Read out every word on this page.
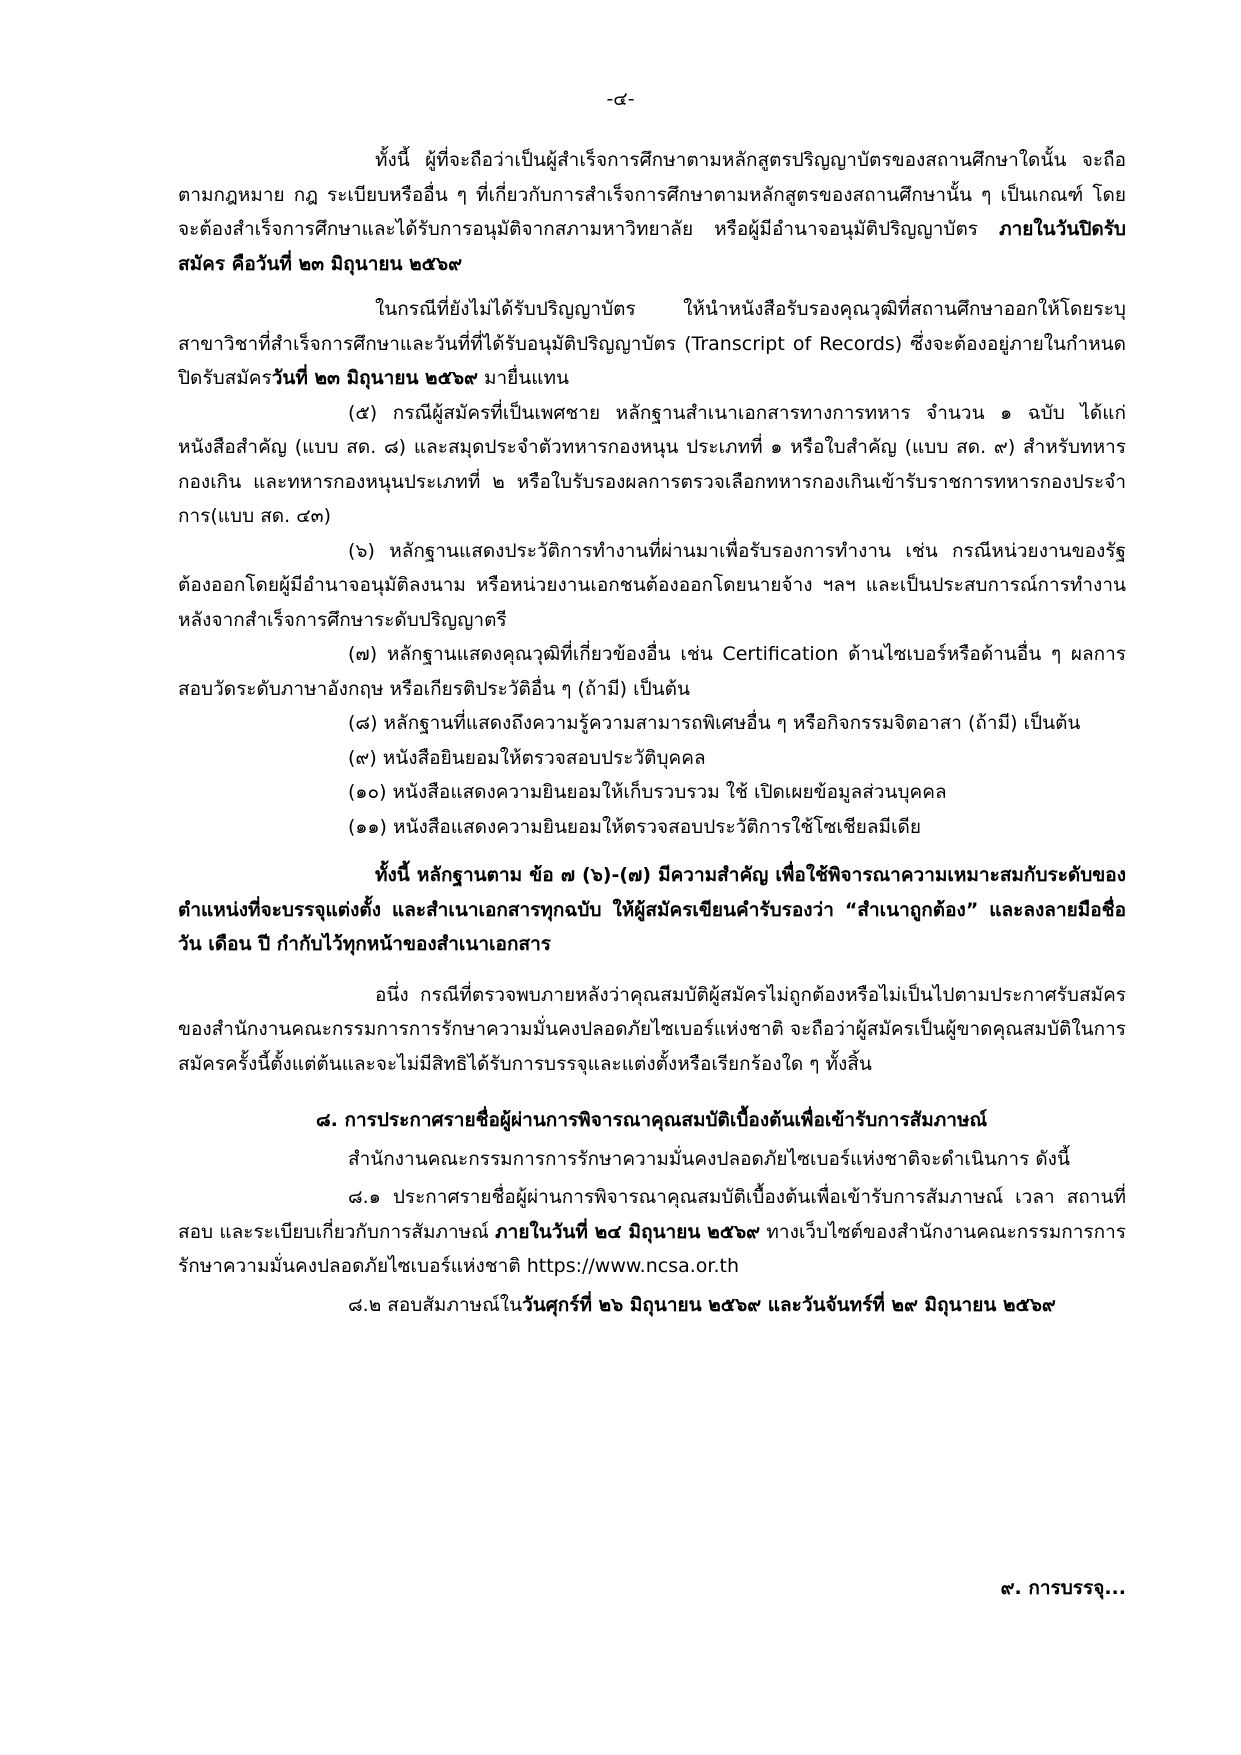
-๔-

ทั้งนี้ ผู้ที่จะถือว่าเป็นผู้สำเร็จการศึกษาตามหลักสูตรปริญญาบัตรของสถานศึกษาใดนั้น จะถือตามกฎหมาย กฎ ระเบียบหรืออื่น ๆ ที่เกี่ยวกับการสำเร็จการศึกษาตามหลักสูตรของสถานศึกษานั้น ๆ เป็นเกณฑ์ โดยจะต้องสำเร็จการศึกษาและได้รับการอนุมัติจากสภามหาวิทยาลัย หรือผู้มีอำนาจอนุมัติปริญญาบัตร ภายในวันปิดรับสมัคร คือวันที่ ๒๓ มิถุนายน ๒๕๖๙

ในกรณีที่ยังไม่ได้รับปริญญาบัตร ให้นำหนังสือรับรองคุณวุฒิที่สถานศึกษาออกให้โดยระบุสาขาวิชาที่สำเร็จการศึกษาและวันที่ที่ได้รับอนุมัติปริญญาบัตร (Transcript of Records) ซึ่งจะต้องอยู่ภายในกำหนดปิดรับสมัครวันที่ ๒๓ มิถุนายน ๒๕๖๙ มายื่นแทน

(๕) กรณีผู้สมัครที่เป็นเพศชาย หลักฐานสำเนาเอกสารทางการทหาร จำนวน ๑ ฉบับ ได้แก่ หนังสือสำคัญ (แบบ สด. ๘) และสมุดประจำตัวทหารกองหนุน ประเภทที่ ๑ หรือใบสำคัญ (แบบ สด. ๙) สำหรับทหารกองเกิน และทหารกองหนุนประเภทที่ ๒ หรือใบรับรองผลการตรวจเลือกทหารกองเกินเข้ารับราชการทหารกองประจำการ(แบบ สด. ๔๓)

(๖) หลักฐานแสดงประวัติการทำงานที่ผ่านมาเพื่อรับรองการทำงาน เช่น กรณีหน่วยงานของรัฐต้องออกโดยผู้มีอำนาจอนุมัติลงนาม หรือหน่วยงานเอกชนต้องออกโดยนายจ้าง ฯลฯ และเป็นประสบการณ์การทำงานหลังจากสำเร็จการศึกษาระดับปริญญาตรี

(๗) หลักฐานแสดงคุณวุฒิที่เกี่ยวข้องอื่น เช่น Certification ด้านไซเบอร์หรือด้านอื่น ๆ ผลการสอบวัดระดับภาษาอังกฤษ หรือเกียรติประวัติอื่น ๆ (ถ้ามี) เป็นต้น

(๘) หลักฐานที่แสดงถึงความรู้ความสามารถพิเศษอื่น ๆ หรือกิจกรรมจิตอาสา (ถ้ามี) เป็นต้น

(๙) หนังสือยินยอมให้ตรวจสอบประวัติบุคคล

(๑๐) หนังสือแสดงความยินยอมให้เก็บรวบรวม ใช้ เปิดเผยข้อมูลส่วนบุคคล

(๑๑) หนังสือแสดงความยินยอมให้ตรวจสอบประวัติการใช้โซเชียลมีเดีย

ทั้งนี้ หลักฐานตาม ข้อ ๗ (๖)-(๗) มีความสำคัญ เพื่อใช้พิจารณาความเหมาะสมกับระดับของตำแหน่งที่จะบรรจุแต่งตั้ง และสำเนาเอกสารทุกฉบับ ให้ผู้สมัครเขียนคำรับรองว่า “สำเนาถูกต้อง” และลงลายมือชื่อ วัน เดือน ปี กำกับไว้ทุกหน้าของสำเนาเอกสาร

อนึ่ง กรณีที่ตรวจพบภายหลังว่าคุณสมบัติผู้สมัครไม่ถูกต้องหรือไม่เป็นไปตามประกาศรับสมัครของสำนักงานคณะกรรมการการรักษาความมั่นคงปลอดภัยไซเบอร์แห่งชาติ จะถือว่าผู้สมัครเป็นผู้ขาดคุณสมบัติในการสมัครครั้งนี้ตั้งแต่ต้นและจะไม่มีสิทธิได้รับการบรรจุและแต่งตั้งหรือเรียกร้องใด ๆ ทั้งสิ้น

๘. การประกาศรายชื่อผู้ผ่านการพิจารณาคุณสมบัติเบื้องต้นเพื่อเข้ารับการสัมภาษณ์

สำนักงานคณะกรรมการการรักษาความมั่นคงปลอดภัยไซเบอร์แห่งชาติจะดำเนินการ ดังนี้

๘.๑ ประกาศรายชื่อผู้ผ่านการพิจารณาคุณสมบัติเบื้องต้นเพื่อเข้ารับการสัมภาษณ์ เวลา สถานที่สอบ และระเบียบเกี่ยวกับการสัมภาษณ์ ภายในวันที่ ๒๔ มิถุนายน ๒๕๖๙ ทางเว็บไซต์ของสำนักงานคณะกรรมการการรักษาความมั่นคงปลอดภัยไซเบอร์แห่งชาติ https://www.ncsa.or.th

๘.๒ สอบสัมภาษณ์ในวันศุกร์ที่ ๒๖ มิถุนายน ๒๕๖๙ และวันจันทร์ที่ ๒๙ มิถุนายน ๒๕๖๙

๙. การบรรจุ...
